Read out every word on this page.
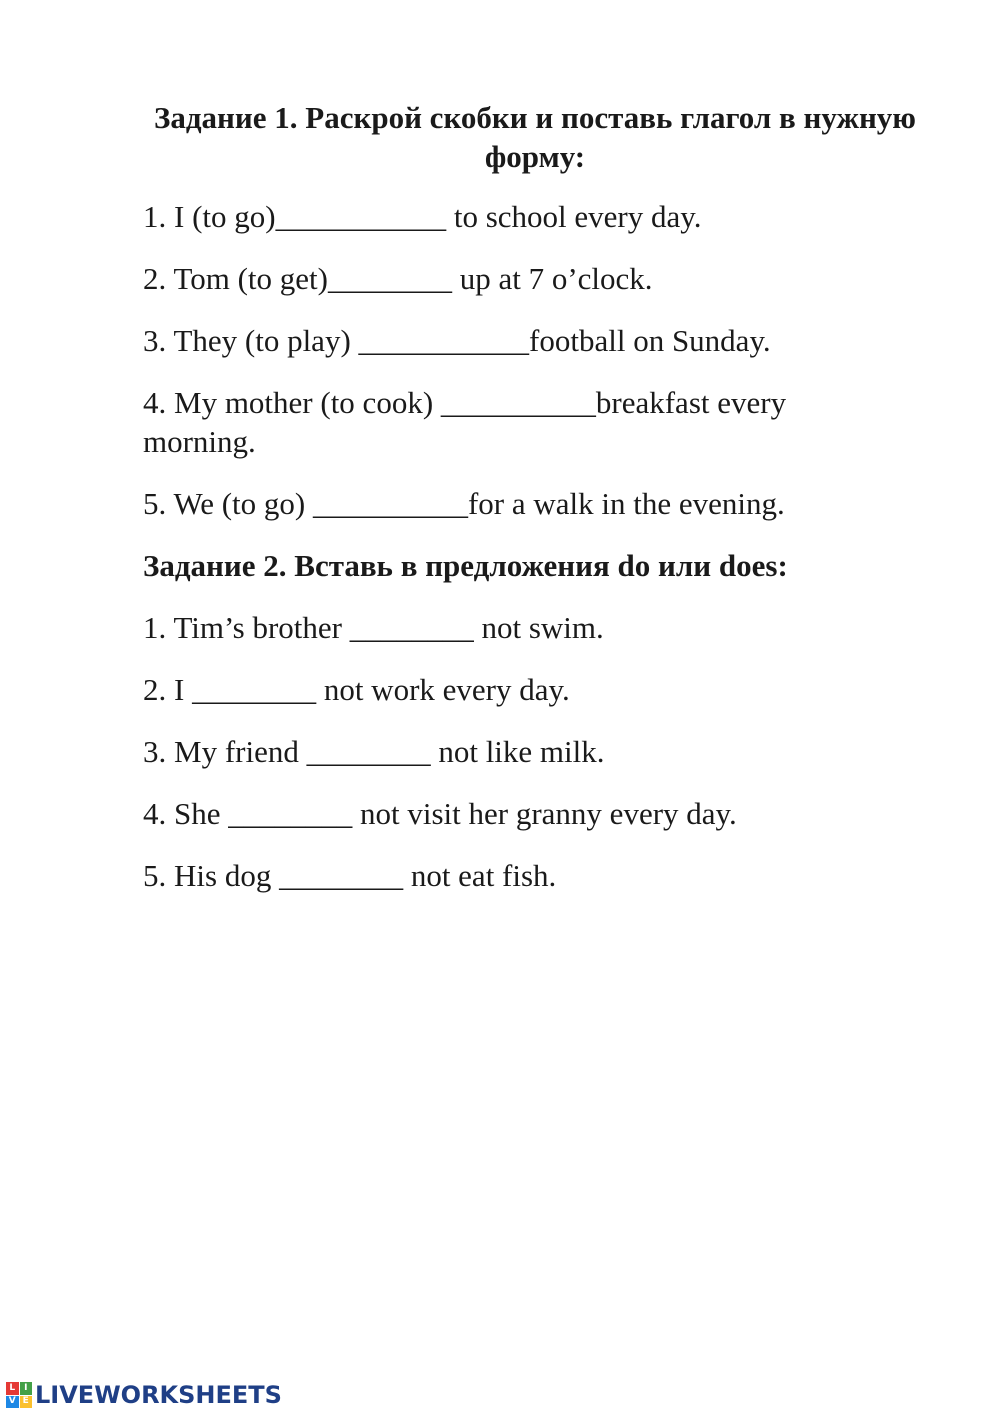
Задание 1. Раскрой скобки и поставь глагол в нужную форму:
1. I (to go)___________ to school every day.
2. Tom (to get)________ up at 7 o’clock.
3. They (to play) ___________football on Sunday.
4. My mother (to cook) __________breakfast every morning.
5. We (to go) __________for a walk in the evening.
Задание 2. Вставь в предложения do или does:
1. Tim’s brother ________ not swim.
2. I ________ not work every day.
3. My friend ________ not like milk.
4. She ________ not visit her granny every day.
5. His dog ________ not eat fish.
L I
V E LIVEWORKSHEETS
